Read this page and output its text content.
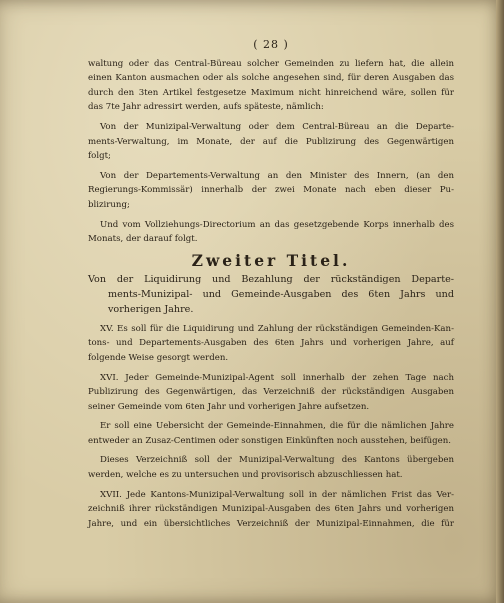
( 28 )
waltung oder das Central-Büreau solcher Gemeinden zu liefern hat, die allein
einen Kanton ausmachen oder als solche angesehen sind, für deren Ausgaben das
durch den 3ten Artikel festgesetze Maximum nicht hinreichend wäre, sollen für
das 7te Jahr adressirt werden, aufs späteste, nämlich:
Von der Munizipal-Verwaltung oder dem Central-Büreau an die Departe-
ments-Verwaltung, im Monate, der auf die Publizirung des Gegenwärtigen
folgt;
Von der Departements-Verwaltung an den Minister des Innern, (an den
Regierungs-Kommissär) innerhalb der zwei Monate nach eben dieser Pu-
blizirung;
Und vom Vollziehungs-Directorium an das gesetzgebende Korps innerhalb des
Monats, der darauf folgt.
Zweiter Titel.
Von der Liquidirung und Bezahlung der rückständigen Departe-
ments-Munizipal- und Gemeinde-Ausgaben des 6ten Jahrs und
vorherigen Jahre.
XV. Es soll für die Liquidirung und Zahlung der rückständigen Gemeinden-Kan-
tons- und Departements-Ausgaben des 6ten Jahrs und vorherigen Jahre, auf
folgende Weise gesorgt werden.
XVI. Jeder Gemeinde-Munizipal-Agent soll innerhalb der zehen Tage nach
Publizirung des Gegenwärtigen, das Verzeichniß der rückständigen Ausgaben
seiner Gemeinde vom 6ten Jahr und vorherigen Jahre aufsetzen.
Er soll eine Uebersicht der Gemeinde-Einnahmen, die für die nämlichen Jahre
entweder an Zusaz-Centimen oder sonstigen Einkünften noch ausstehen, beifügen.
Dieses Verzeichniß soll der Munizipal-Verwaltung des Kantons übergeben
werden, welche es zu untersuchen und provisorisch abzuschliessen hat.
XVII. Jede Kantons-Munizipal-Verwaltung soll in der nämlichen Frist das Ver-
zeichniß ihrer rückständigen Munizipal-Ausgaben des 6ten Jahrs und vorherigen
Jahre, und ein übersichtliches Verzeichniß der Munizipal-Einnahmen, die für
